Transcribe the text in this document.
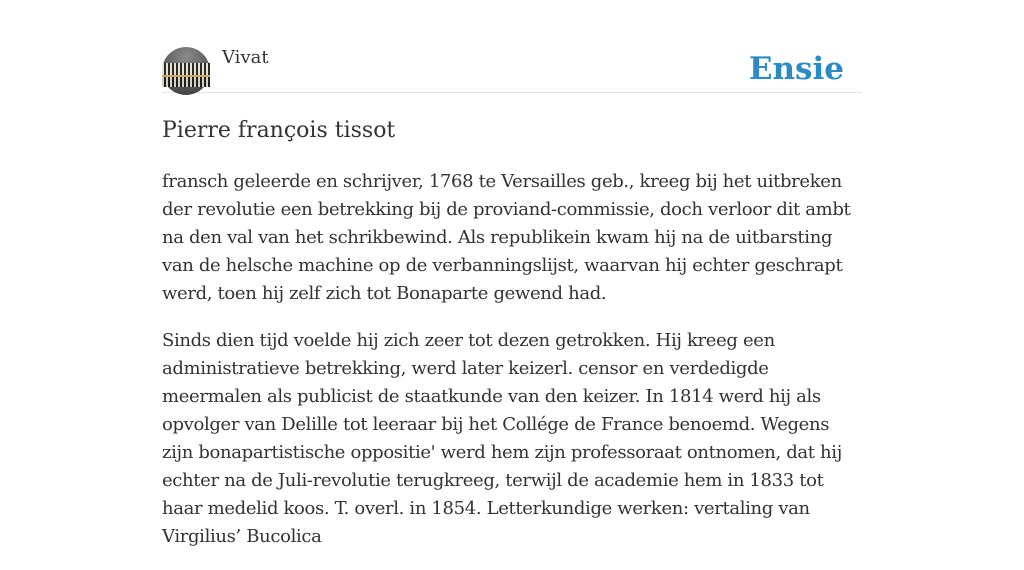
Vivat	Ensie
Pierre françois tissot

fransch geleerde en schrijver, 1768 te Versailles geb., kreeg bij het uitbreken der revolutie een betrekking bij de proviand-commissie, doch verloor dit ambt na den val van het schrikbewind. Als republikein kwam hij na de uitbarsting van de helsche machine op de verbanningslijst, waarvan hij echter geschrapt werd, toen hij zelf zich tot Bonaparte gewend had.

Sinds dien tijd voelde hij zich zeer tot dezen getrokken. Hij kreeg een administratieve betrekking, werd later keizerl. censor en verdedigde meermalen als publicist de staatkunde van den keizer. In 1814 werd hij als opvolger van Delille tot leeraar bij het Collége de France benoemd. Wegens zijn bonapartistische oppositie' werd hem zijn professoraat ontnomen, dat hij echter na de Juli-revolutie terugkreeg, terwijl de academie hem in 1833 tot haar medelid koos. T. overl. in 1854. Letterkundige werken: vertaling van Virgilius’ Bucolica
